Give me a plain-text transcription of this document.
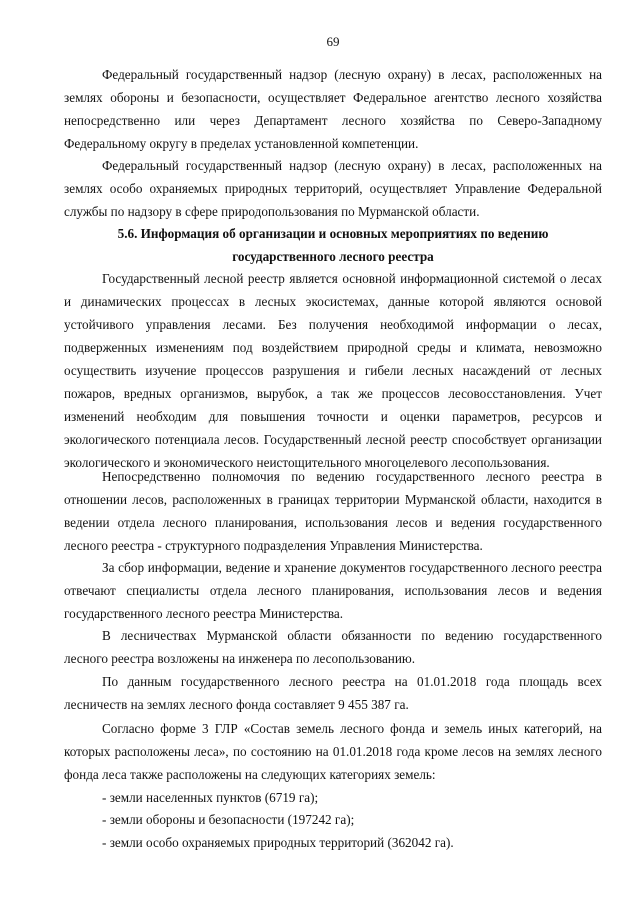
69

Федеральный государственный надзор (лесную охрану) в лесах, расположенных на землях обороны и безопасности, осуществляет Федеральное агентство лесного хозяйства непосредственно или через Департамент лесного хозяйства по Северо-Западному Федеральному округу в пределах установленной компетенции.

Федеральный государственный надзор (лесную охрану) в лесах, расположенных на землях особо охраняемых природных территорий, осуществляет Управление Федеральной службы по надзору в сфере природопользования по Мурманской области.

5.6. Информация об организации и основных мероприятиях по ведению
государственного лесного реестра

Государственный лесной реестр является основной информационной системой о лесах и динамических процессах в лесных экосистемах, данные которой являются основой устойчивого управления лесами. Без получения необходимой информации о лесах, подверженных изменениям под воздействием природной среды и климата, невозможно осуществить изучение процессов разрушения и гибели лесных насаждений от лесных пожаров, вредных организмов, вырубок, а так же процессов лесовосстановления. Учет изменений необходим для повышения точности и оценки параметров, ресурсов и экологического потенциала лесов. Государственный лесной реестр способствует организации экологического и экономического неистощительного многоцелевого лесопользования.

Непосредственно полномочия по ведению государственного лесного реестра в отношении лесов, расположенных в границах территории Мурманской области, находится в ведении отдела лесного планирования, использования лесов и ведения государственного лесного реестра - структурного подразделения Управления Министерства.

За сбор информации, ведение и хранение документов государственного лесного реестра отвечают специалисты отдела лесного планирования, использования лесов и ведения государственного лесного реестра Министерства.

В лесничествах Мурманской области обязанности по ведению государственного лесного реестра возложены на инженера по лесопользованию.

По данным государственного лесного реестра на 01.01.2018 года площадь всех лесничеств на землях лесного фонда составляет 9 455 387 га.

Согласно форме 3 ГЛР «Состав земель лесного фонда и земель иных категорий, на которых расположены леса», по состоянию на 01.01.2018 года кроме лесов на землях лесного фонда леса также расположены на следующих категориях земель:

- земли населенных пунктов (6719 га);
- земли обороны и безопасности (197242 га);
- земли особо охраняемых природных территорий (362042 га).
